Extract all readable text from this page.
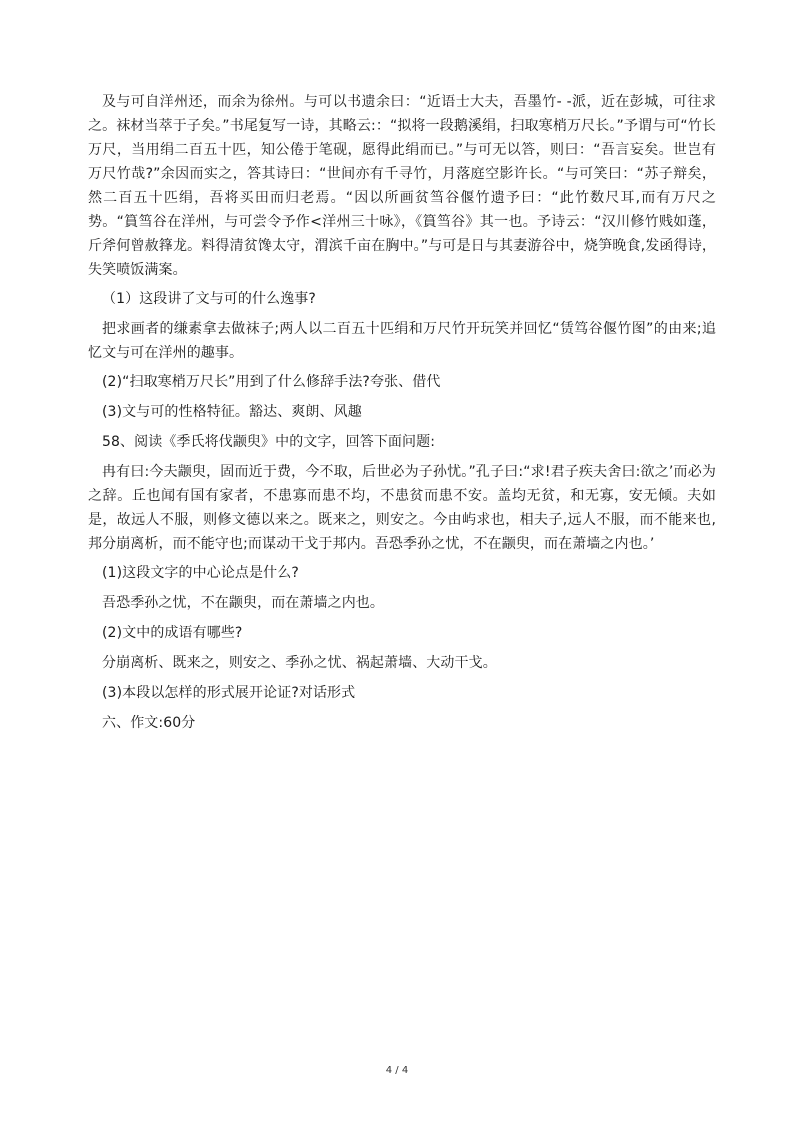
及与可自洋州还，而余为徐州。与可以书遗余曰：“近语士大夫，吾墨竹- -派，近在彭城，可往求之。袜材当萃于子矣。”书尾复写一诗，其略云:：“拟将一段鹅溪绢，扫取寒梢万尺长。”予谓与可“竹长万尺，当用绢二百五十匹，知公倦于笔砚，愿得此绢而已。”与可无以答，则曰：“吾言妄矣。世岂有万尺竹哉?”余因而实之，答其诗曰：“世间亦有千寻竹，月落庭空影许长。“与可笑曰：“苏子辩矣，然二百五十匹绢，吾将买田而归老焉。“因以所画贫筜谷偃竹遗予曰：“此竹数尺耳,而有万尺之势。“篔筜谷在洋州，与可尝令予作<洋州三十咏》，《篔筜谷》其一也。予诗云：“汉川修竹贱如蓬，斤斧何曾赦箨龙。料得清贫馋太守，渭滨千亩在胸中。”与可是日与其妻游谷中，烧笋晚食,发函得诗，失笑喷饭满案。

（1）这段讲了文与可的什么逸事?

把求画者的缣素拿去做袜子;两人以二百五十匹绢和万尺竹开玩笑并回忆“赁笃谷偃竹图”的由来;追忆文与可在洋州的趣事。

(2)“扫取寒梢万尺长”用到了什么修辞手法?夸张、借代

(3)文与可的性格特征。豁达、爽朗、风趣

58、阅读《季氏将伐颛臾》中的文字，回答下面问题:

冉有曰:今夫颛臾，固而近于费，今不取，后世必为子孙忧。”孔子曰:“求!君子疾夫舍曰:欲之’而必为之辞。丘也闻有国有家者，不患寡而患不均，不患贫而患不安。盖均无贫，和无寡，安无倾。夫如是，故远人不服，则修文德以来之。既来之，则安之。今由屿求也，相夫子,远人不服，而不能来也,邦分崩离析，而不能守也;而谋动干戈于邦内。吾恐季孙之忧，不在颛臾，而在萧墙之内也。’

(1)这段文字的中心论点是什么?

吾恐季孙之忧，不在颛臾，而在萧墙之内也。

(2)文中的成语有哪些?

分崩离析、既来之，则安之、季孙之忧、祸起萧墙、大动干戈。

(3)本段以怎样的形式展开论证?对话形式

六、作文:60分

4 / 4
